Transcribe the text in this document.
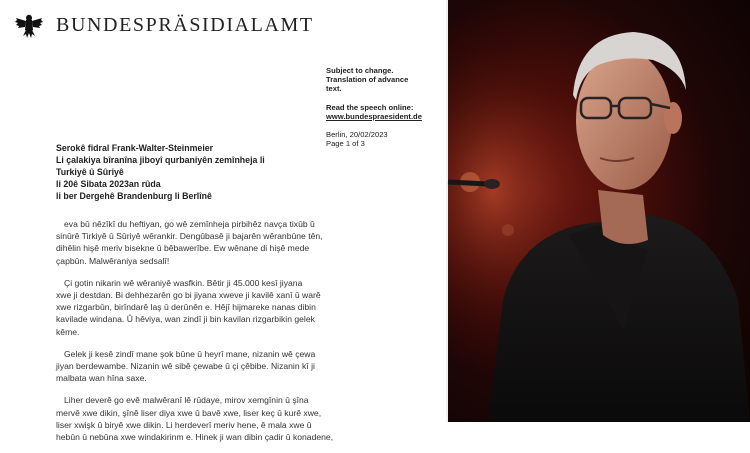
BUNDESPRÄSIDIALAMT
Subject to change.
Translation of advance
text.
Read the speech online:
www.bundespraesident.de
Berlin, 20/02/2023
Page 1 of 3
Serokê fidral Frank-Walter-Steinmeier
Li çalakiya bîranîna jiboyî qurbaniyên zemînheja li
Turkiyê û Sûriyê
li 20ê Sibata 2023an rûda
li ber Dergehê Brandenburg li Berlînê

eva bû nêzîkî du heftiyan, go wê zemînheja pirbihêz navça tixûb û
sinûrê Tirkiyê û Sûriyê wêrankir. Dengûbasê ji bajarên wêranbûne tên,
dihêlin hişê meriv bisekne û bêbawerîbe. Ew wênane di hişê mede
çapbûn. Malwêraniya sedsalî!

Çi gotin nikarin wê wêraniyê wasfkin. Bêtir ji 45.000 kesî jiyana
xwe ji destdan. Bi dehhezarên go bi jiyana xweve ji kavilê xanî û warê
xwe rizgarbûn, birîndarê laş û derûnên e. Hêjî hijmareke nanas dibin
kavilade windana. Û hêviya, wan zindî ji bin kavilan rizgarbikin gelek
kême.

Gelek ji kesê zindî mane şok bûne û heyrî mane, nizanin wê çewa
jiyan berdewambe. Nizanin wê sibê çewabe û çi çêbibe. Nizanin kî ji
malbata wan hîna saxe.

Liher deverê go evê malwêranî lê rûdaye, mirov xemgînin û şîna
mervê xwe dikin, şînê liser diya xwe û bavê xwe, liser keç û kurê xwe,
liser xwişk û biryê xwe dikin. Li herdeverî meriv hene, ê mala xwe û
hebûn û nebûna xwe windakirinm e. Hinek ji wan dibin çadir û konadene,
